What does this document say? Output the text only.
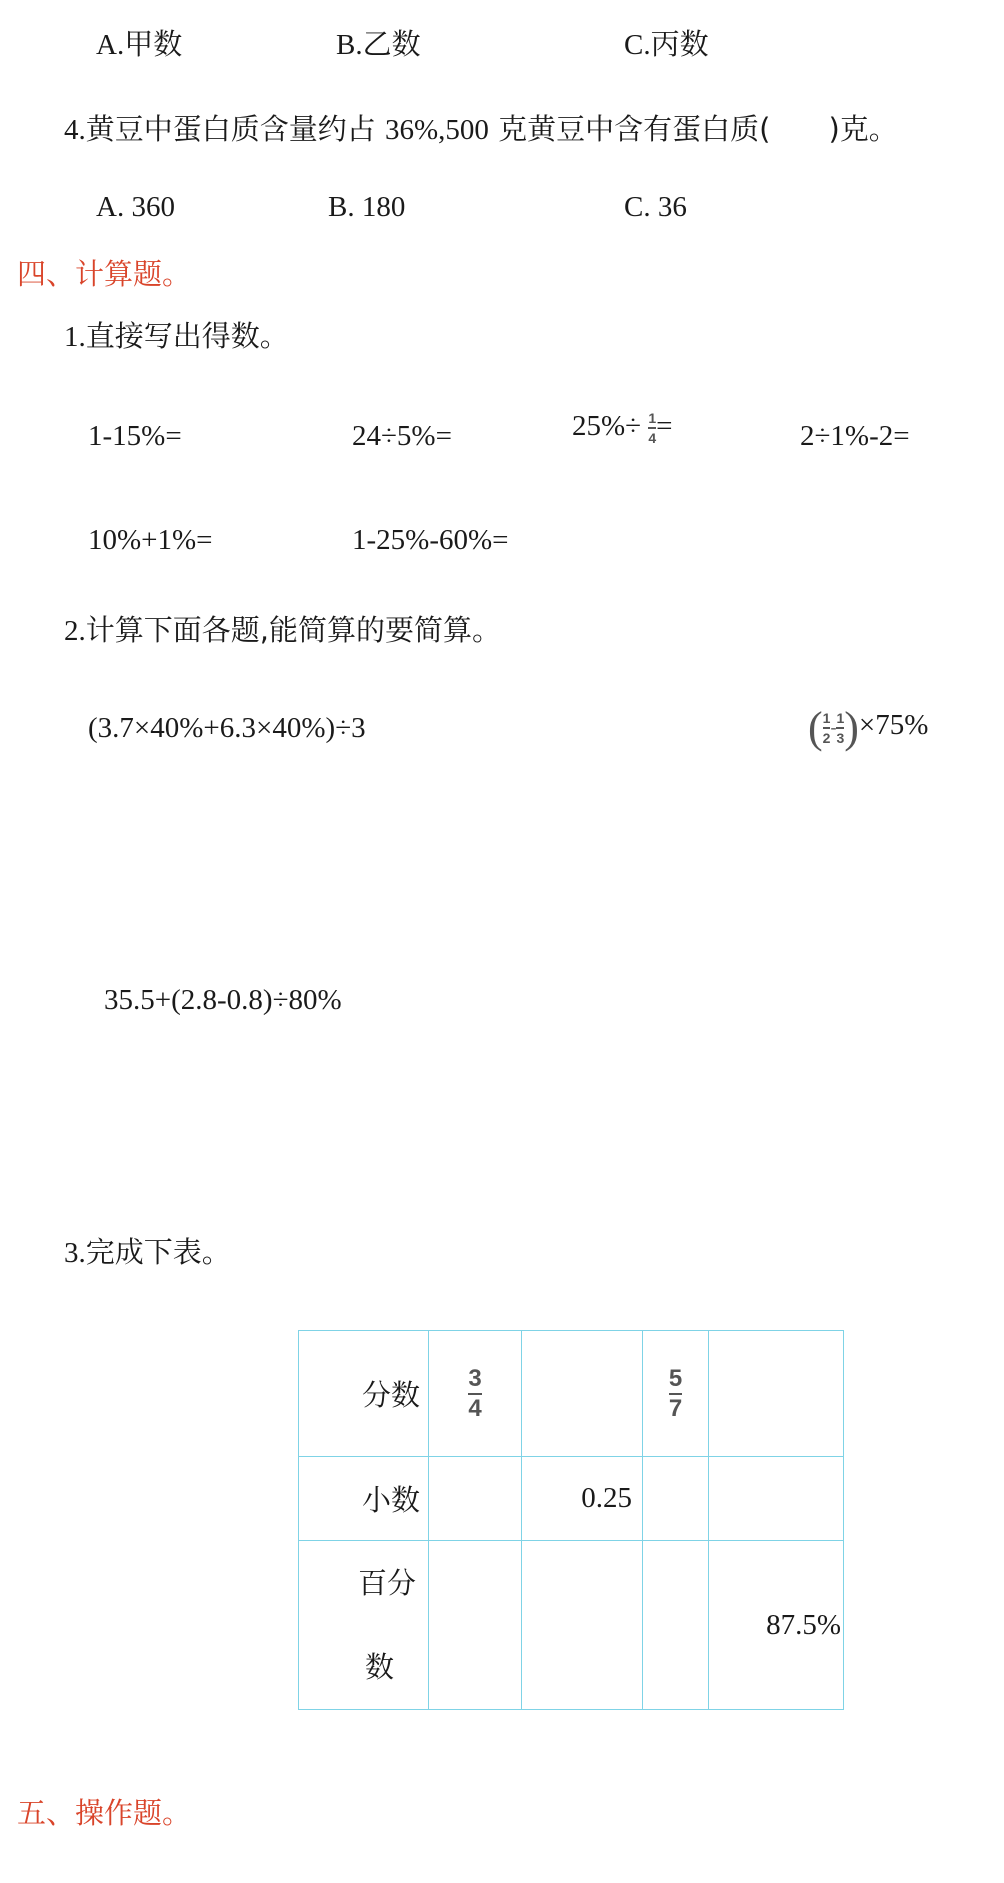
A.甲数	B.乙数	C.丙数
4.黄豆中蛋白质含量约占 36%,500 克黄豆中含有蛋白质(　　)克。
A. 360	B. 180	C. 36
四、计算题。
1.直接写出得数。
1-15%=	24÷5%=	$25\%\div \frac{1}{4}$ =	2÷1%-2=
10%+1%=	1-25%-60%=
2.计算下面各题,能简算的要简算。
(3.7×40%+6.3×40%)÷3	( $\frac{1}{2} - \frac{1}{3} )\times 75\%$
35.5+(2.8-0.8)÷80%
3.完成下表。
分数	$\frac{3}{4}$		$\frac{5}{7}$

小数		0.25		

百分
数				87.5%
五、操作题。
